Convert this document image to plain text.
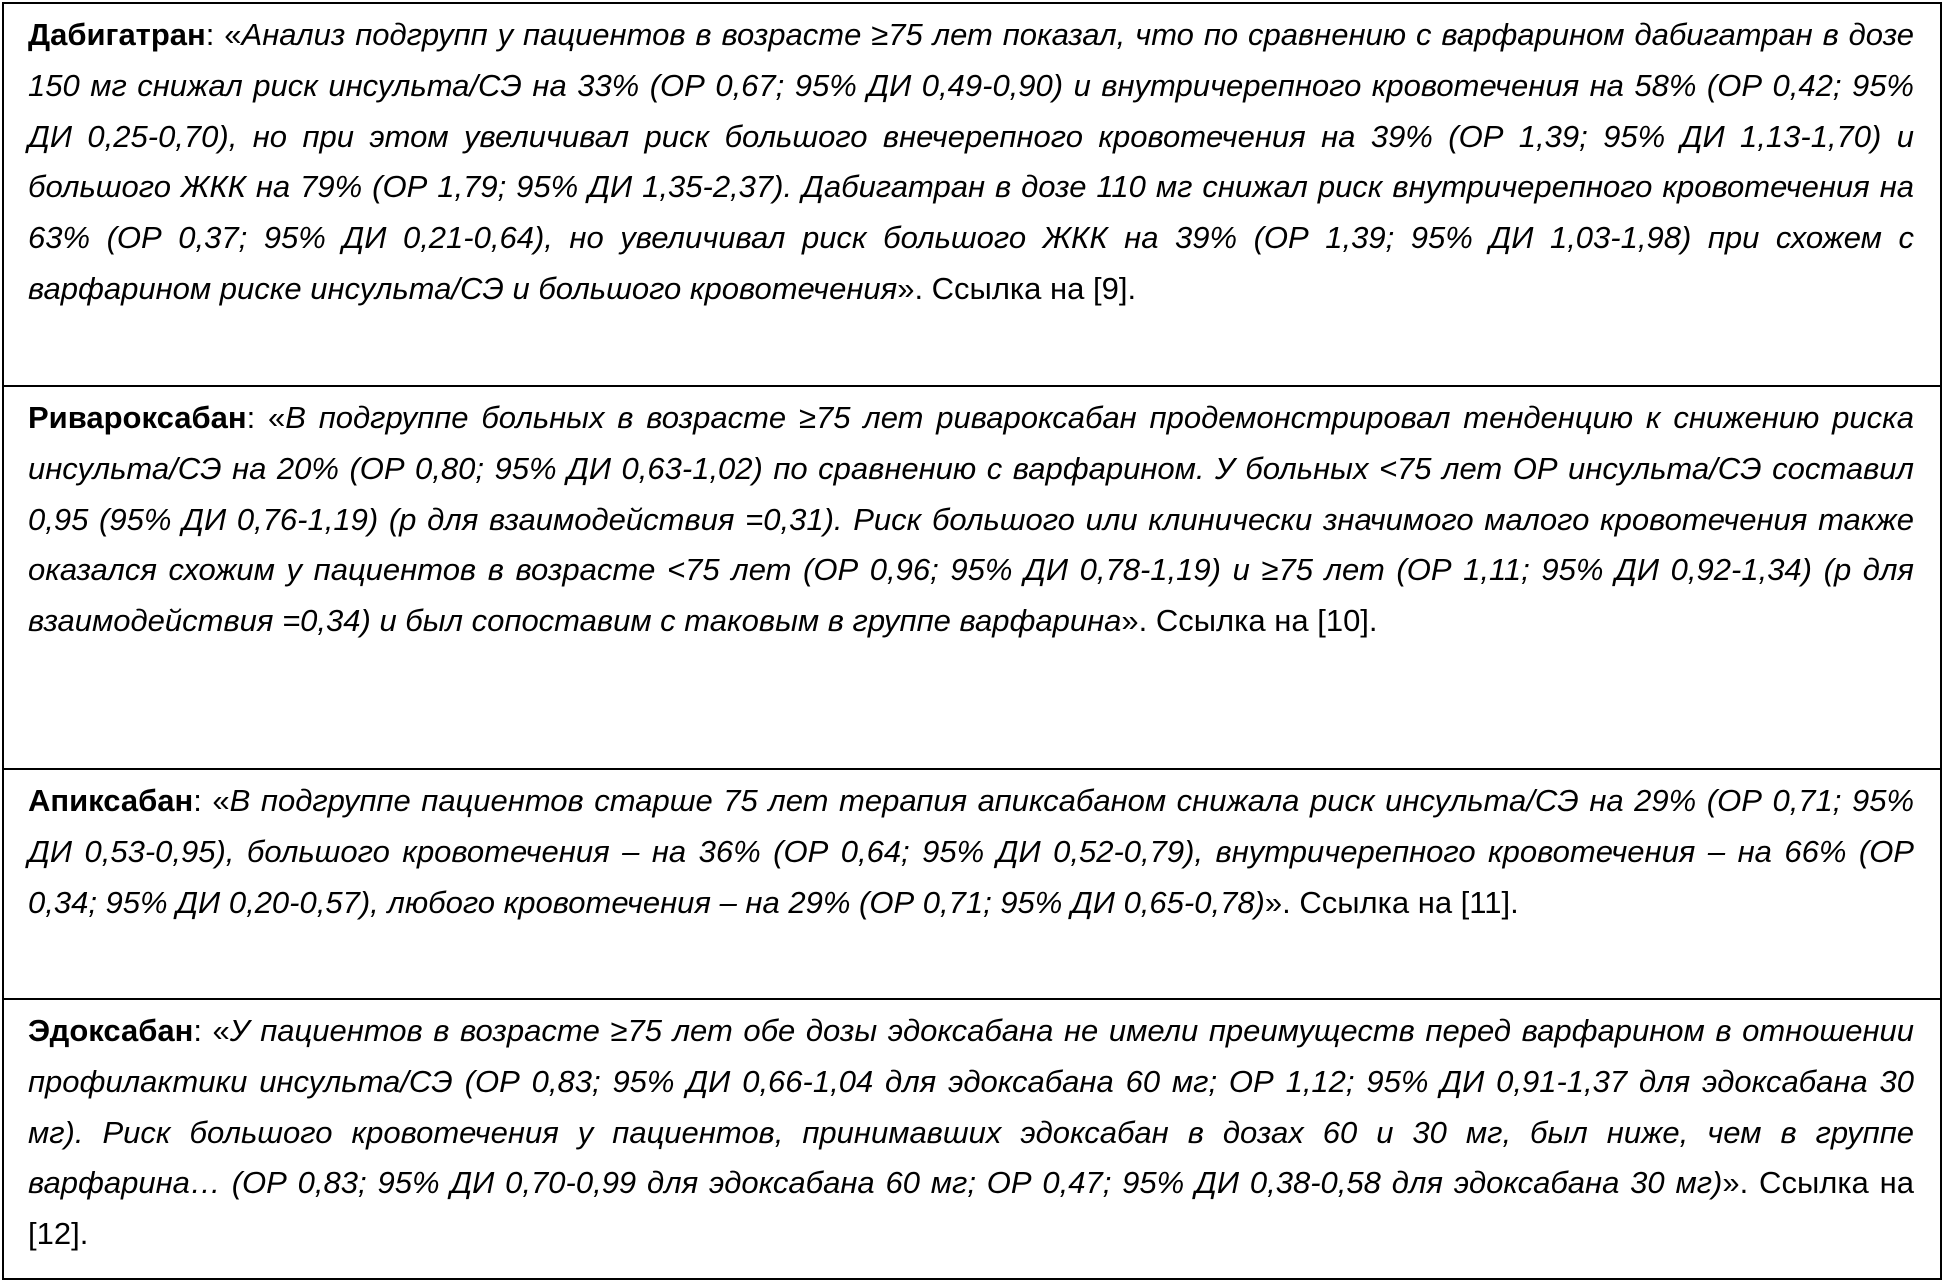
Дабигатран: «Анализ подгрупп у пациентов в возрасте ≥75 лет показал, что по сравнению с варфарином дабигатран в дозе 150 мг снижал риск инсульта/СЭ на 33% (ОР 0,67; 95% ДИ 0,49-0,90) и внутричерепного кровотечения на 58% (ОР 0,42; 95% ДИ 0,25-0,70), но при этом увеличивал риск большого внечерепного кровотечения на 39% (ОР 1,39; 95% ДИ 1,13-1,70) и большого ЖКК на 79% (ОР 1,79; 95% ДИ 1,35-2,37). Дабигатран в дозе 110 мг снижал риск внутричерепного кровотечения на 63% (ОР 0,37; 95% ДИ 0,21-0,64), но увеличивал риск большого ЖКК на 39% (ОР 1,39; 95% ДИ 1,03-1,98) при схожем с варфарином риске инсульта/СЭ и большого кровотечения». Ссылка на [9].
Ривароксабан: «В подгруппе больных в возрасте ≥75 лет ривароксабан продемонстрировал тенденцию к снижению риска инсульта/СЭ на 20% (ОР 0,80; 95% ДИ 0,63-1,02) по сравнению с варфарином. У больных <75 лет ОР инсульта/СЭ составил 0,95 (95% ДИ 0,76-1,19) (р для взаимодействия =0,31). Риск большого или клинически значимого малого кровотечения также оказался схожим у пациентов в возрасте <75 лет (ОР 0,96; 95% ДИ 0,78-1,19) и ≥75 лет (ОР 1,11; 95% ДИ 0,92-1,34) (р для взаимодействия =0,34) и был сопоставим с таковым в группе варфарина». Ссылка на [10].
Апиксабан: «В подгруппе пациентов старше 75 лет терапия апиксабаном снижала риск инсульта/СЭ на 29% (ОР 0,71; 95% ДИ 0,53-0,95), большого кровотечения – на 36% (ОР 0,64; 95% ДИ 0,52-0,79), внутричерепного кровотечения – на 66% (ОР 0,34; 95% ДИ 0,20-0,57), любого кровотечения – на 29% (ОР 0,71; 95% ДИ 0,65-0,78)». Ссылка на [11].
Эдоксабан: «У пациентов в возрасте ≥75 лет обе дозы эдоксабана не имели преимуществ перед варфарином в отношении профилактики инсульта/СЭ (ОР 0,83; 95% ДИ 0,66-1,04 для эдоксабана 60 мг; ОР 1,12; 95% ДИ 0,91-1,37 для эдоксабана 30 мг). Риск большого кровотечения у пациентов, принимавших эдоксабан в дозах 60 и 30 мг, был ниже, чем в группе варфарина… (ОР 0,83; 95% ДИ 0,70-0,99 для эдоксабана 60 мг; ОР 0,47; 95% ДИ 0,38-0,58 для эдоксабана 30 мг)». Ссылка на [12].
